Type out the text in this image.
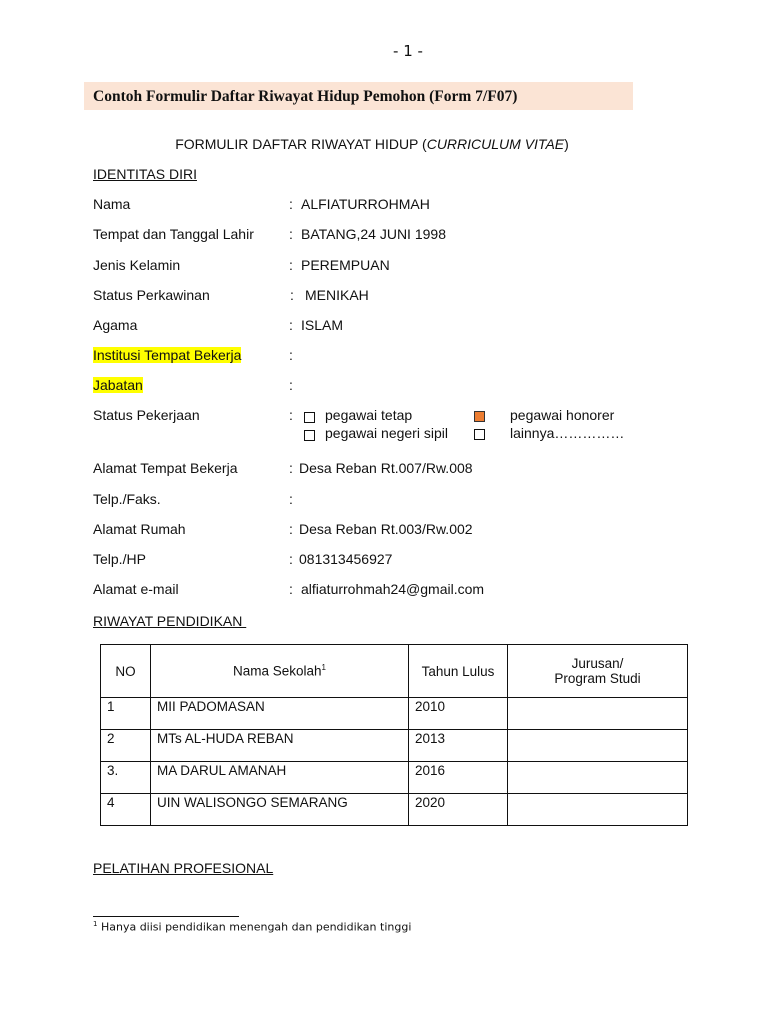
- 1 -
Contoh Formulir Daftar Riwayat Hidup Pemohon (Form 7/F07)
FORMULIR DAFTAR RIWAYAT HIDUP (CURRICULUM VITAE)
IDENTITAS DIRI
Nama	: ALFIATURROHMAH
Tempat dan Tanggal Lahir	: BATANG,24 JUNI 1998
Jenis Kelamin	: PEREMPUAN
Status Perkawinan	: MENIKAH
Agama	: ISLAM
Institusi Tempat Bekerja	:
Jabatan	:
Status Pekerjaan	: pegawai tetap	pegawai honorer
pegawai negeri sipil	lainnya……………
Alamat Tempat Bekerja	: Desa Reban Rt.007/Rw.008
Telp./Faks.	:
Alamat Rumah	: Desa Reban Rt.003/Rw.002
Telp./HP	: 081313456927
Alamat e-mail	: alfiaturrohmah24@gmail.com
RIWAYAT PENDIDIKAN
NO	Nama Sekolah$^1$	Tahun Lulus	Jurusan/
Program Studi
1	MII PADOMASAN	2010	
2	MTs AL-HUDA REBAN	2013	
3.	MA DARUL AMANAH	2016	
4	UIN WALISONGO SEMARANG	2020	
PELATIHAN PROFESIONAL
$^1$ Hanya diisi pendidikan menengah dan pendidikan tinggi
